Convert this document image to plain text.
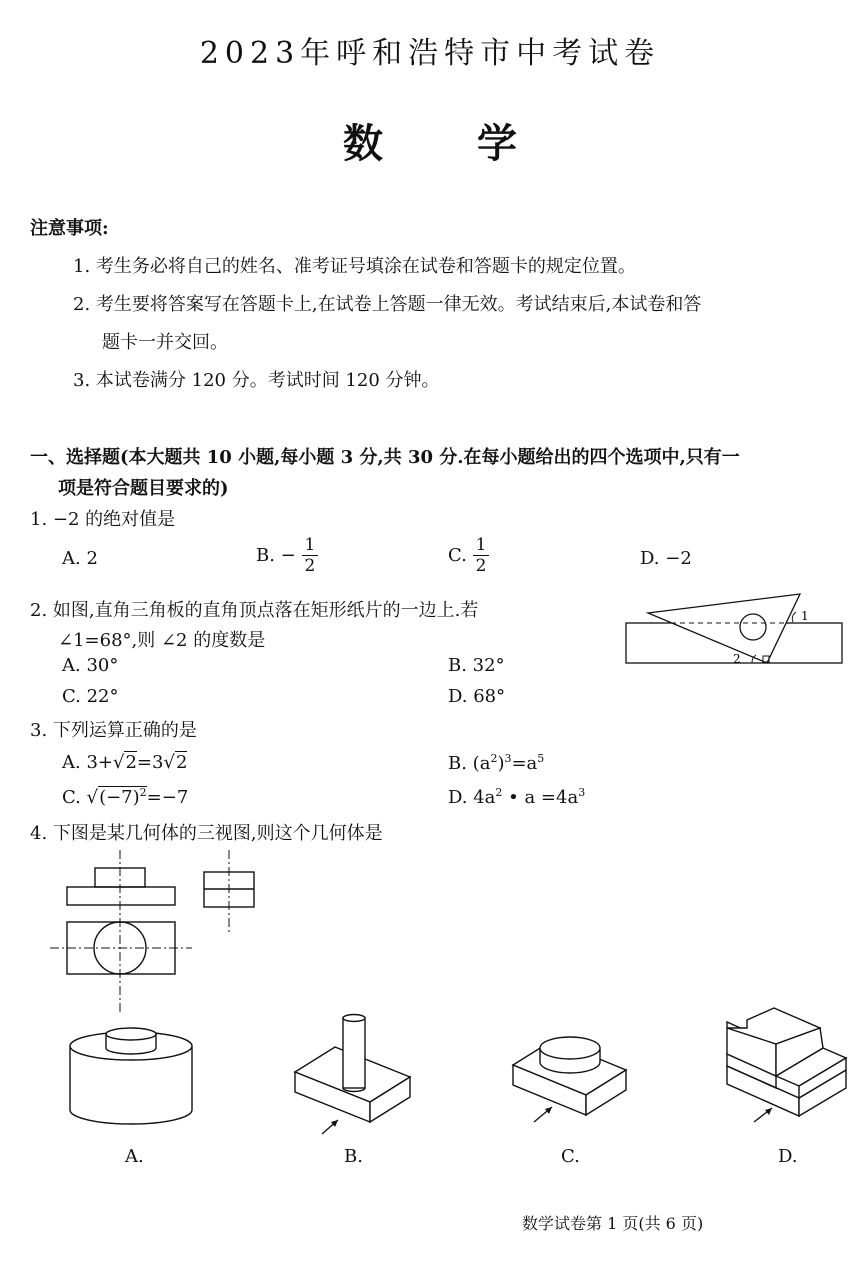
2023年呼和浩特市中考试卷
数 学
注意事项:
1. 考生务必将自己的姓名、准考证号填涂在试卷和答题卡的规定位置。
2. 考生要将答案写在答题卡上,在试卷上答题一律无效。考试结束后,本试卷和答
题卡一并交回。
3. 本试卷满分 120 分。考试时间 120 分钟。
一、选择题(本大题共 10 小题,每小题 3 分,共 30 分.在每小题给出的四个选项中,只有一
项是符合题目要求的)
1. −2 的绝对值是
A. 2	B. − $\frac{1}{2}$	C. $\frac{1}{2}$	D. −2
2. 如图,直角三角板的直角顶点落在矩形纸片的一边上.若
∠1=68°,则 ∠2 的度数是
A. 30°	B. 32°
C. 22°	D. 68°
1
2
3. 下列运算正确的是
A. 3+√2=3√2	B. $(a^2)^3=a^5$
C. $√(-7)^2=-7$	D. $4a^2$ • $a =4a^3$
4. 下图是某几何体的三视图,则这个几何体是
A.	B.	C.	D.
数学试卷第 1 页(共 6 页)
